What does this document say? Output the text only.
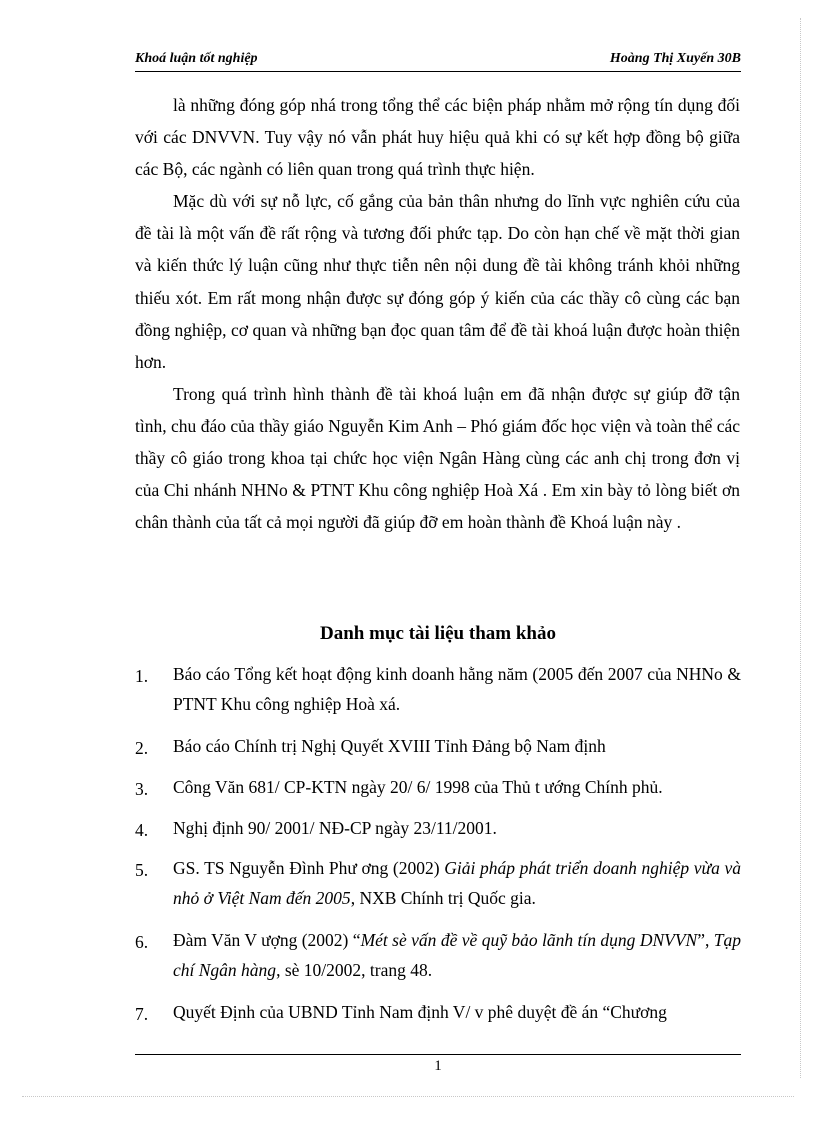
Khoá luận tốt nghiệp	Hoàng Thị Xuyến 30B

là những đóng góp nhá trong tổng thể các biện pháp nhằm mở rộng tín dụng đối với các DNVVN. Tuy vậy nó vẫn phát huy hiệu quả khi có sự kết hợp đồng bộ giữa các Bộ, các ngành có liên quan trong quá trình thực hiện.

Mặc dù với sự nỗ lực, cố gắng của bản thân nhưng do lĩnh vực nghiên cứu của đề tài là một vấn đề rất rộng và tương đối phức tạp. Do còn hạn chế về mặt thời gian và kiến thức lý luận cũng như thực tiễn nên nội dung đề tài không tránh khỏi những thiếu xót. Em rất mong nhận được sự đóng góp ý kiến của các thầy cô cùng các bạn đồng nghiệp, cơ quan và những bạn đọc quan tâm để đề tài khoá luận được hoàn thiện hơn.

Trong quá trình hình thành đề tài khoá luận em đã nhận được sự giúp đỡ tận tình, chu đáo của thầy giáo Nguyễn Kim Anh – Phó giám đốc học viện và toàn thể các thầy cô giáo trong khoa tại chức học viện Ngân Hàng cùng các anh chị trong đơn vị của Chi nhánh NHNo & PTNT Khu công nghiệp Hoà Xá . Em xin bày tỏ lòng biết ơn chân thành của tất cả mọi người đã giúp đỡ em hoàn thành đề Khoá luận này .

Danh mục tài liệu tham khảo
1.	Báo cáo Tổng kết hoạt động kinh doanh hằng năm (2005 đến 2007 của NHNo & PTNT Khu công nghiệp Hoà xá.
2.	Báo cáo Chính trị Nghị Quyết XVIII Tỉnh Đảng bộ Nam định
3.	Công Văn 681/ CP-KTN ngày 20/ 6/ 1998 của Thủ t ướng Chính phủ.
4.	Nghị định 90/ 2001/ NĐ-CP ngày 23/11/2001.
5.	GS. TS Nguyễn Đình Phư ơng (2002) Giải pháp phát triển doanh nghiệp vừa và nhỏ ở Việt Nam đến 2005, NXB Chính trị Quốc gia.
6.	Đàm Văn V ượng (2002) “Mét sè vấn đề về quỹ bảo lãnh tín dụng DNVVN”, Tạp chí Ngân hàng, sè 10/2002, trang 48.
7.	Quyết Định của UBND Tỉnh Nam định V/ v phê duyệt đề án “Chương
1
